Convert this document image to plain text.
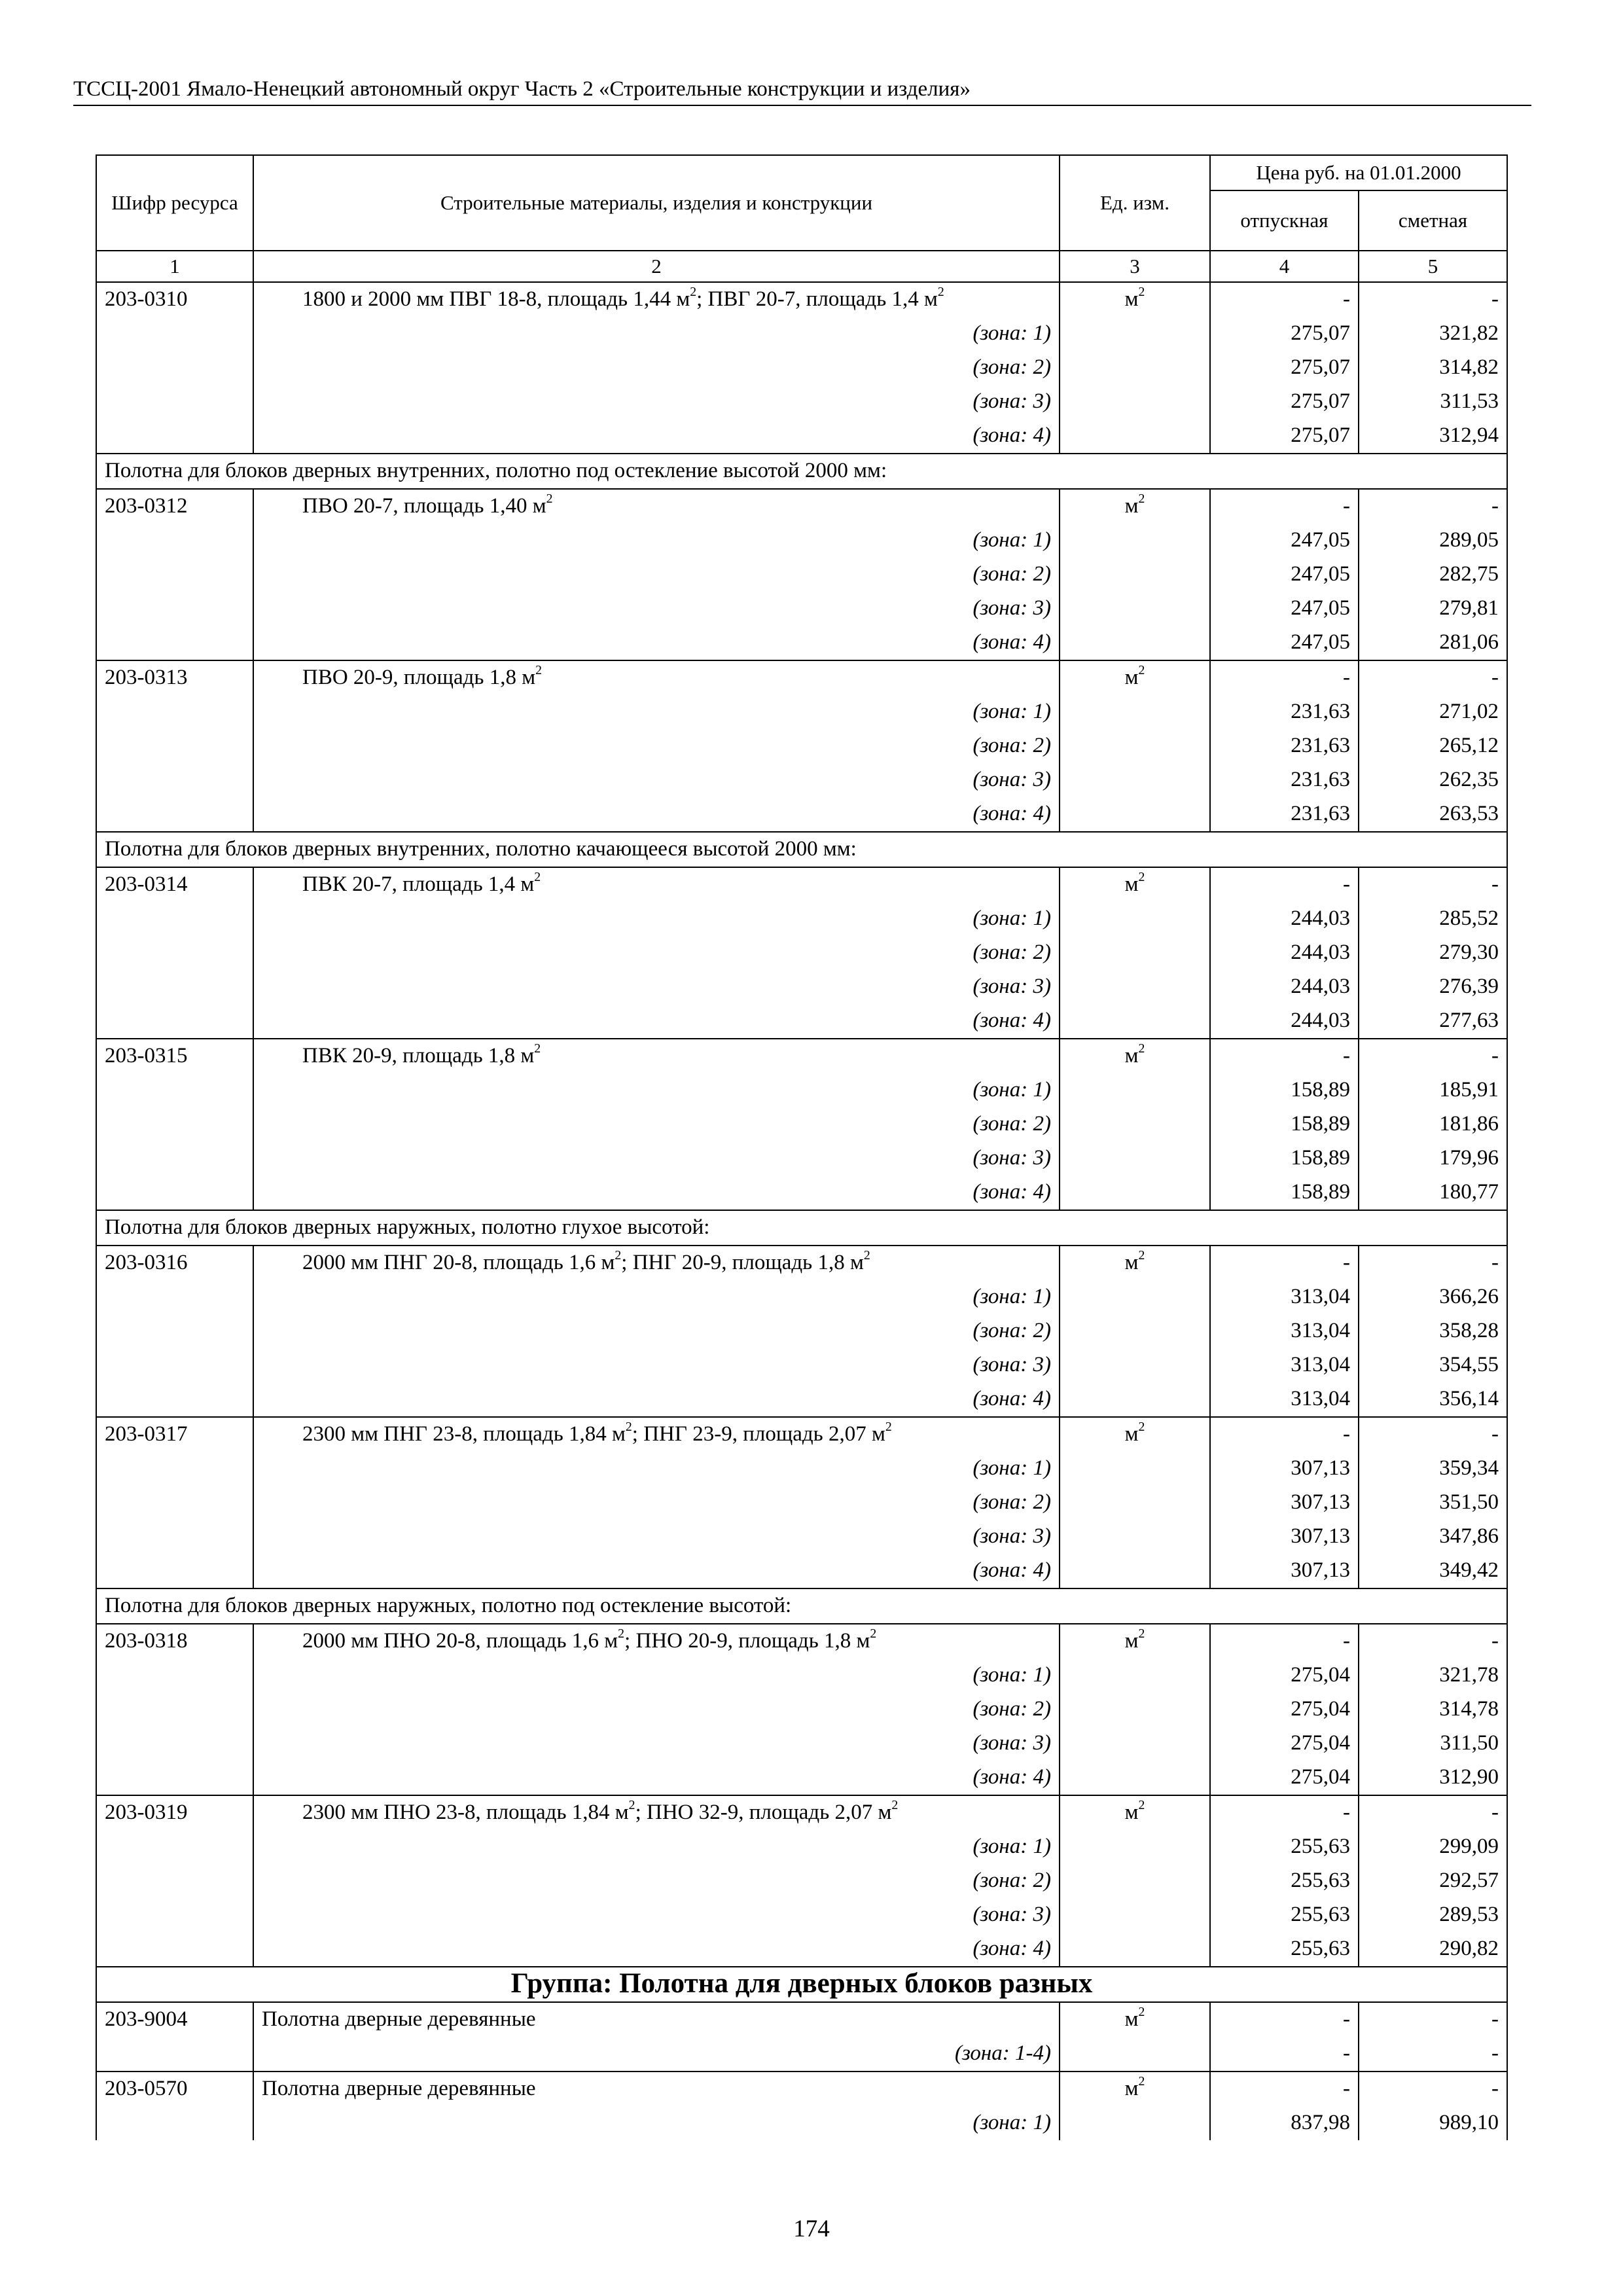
ТССЦ-2001 Ямало-Ненецкий автономный округ Часть 2 «Строительные конструкции и изделия»
Шифр ресурса	Строительные материалы, изделия и конструкции	Ед. изм.	Цена руб. на 01.01.2000	
			отпускная	сметная
1	2	3	4	5
203-0310	1800 и 2000 мм ПВГ 18-8, площадь 1,44 $м^2$; ПВГ 20-7, площадь 1,4 $м^2$	$м^2$	-	-
	(зона: 1)		275,07	321,82
	(зона: 2)		275,07	314,82
	(зона: 3)		275,07	311,53
	(зона: 4)		275,07	312,94
Полотна для блоков дверных внутренних, полотно под остекление высотой 2000 мм:				
203-0312	ПВО 20-7, площадь 1,40 $м^2$	$м^2$	-	-
	(зона: 1)		247,05	289,05
	(зона: 2)		247,05	282,75
	(зона: 3)		247,05	279,81
	(зона: 4)		247,05	281,06
203-0313	ПВО 20-9, площадь 1,8 $м^2$	$м^2$	-	-
	(зона: 1)		231,63	271,02
	(зона: 2)		231,63	265,12
	(зона: 3)		231,63	262,35
	(зона: 4)		231,63	263,53
Полотна для блоков дверных внутренних, полотно качающееся высотой 2000 мм:				
203-0314	ПВК 20-7, площадь 1,4 $м^2$	$м^2$	-	-
	(зона: 1)		244,03	285,52
	(зона: 2)		244,03	279,30
	(зона: 3)		244,03	276,39
	(зона: 4)		244,03	277,63
203-0315	ПВК 20-9, площадь 1,8 $м^2$	$м^2$	-	-
	(зона: 1)		158,89	185,91
	(зона: 2)		158,89	181,86
	(зона: 3)		158,89	179,96
	(зона: 4)		158,89	180,77
Полотна для блоков дверных наружных, полотно глухое высотой:				
203-0316	2000 мм ПНГ 20-8, площадь 1,6 $м^2$; ПНГ 20-9, площадь 1,8 $м^2$	$м^2$	-	-
	(зона: 1)		313,04	366,26
	(зона: 2)		313,04	358,28
	(зона: 3)		313,04	354,55
	(зона: 4)		313,04	356,14
203-0317	2300 мм ПНГ 23-8, площадь 1,84 $м^2$; ПНГ 23-9, площадь 2,07 $м^2$	$м^2$	-	-
	(зона: 1)		307,13	359,34
	(зона: 2)		307,13	351,50
	(зона: 3)		307,13	347,86
	(зона: 4)		307,13	349,42
Полотна для блоков дверных наружных, полотно под остекление высотой:				
203-0318	2000 мм ПНО 20-8, площадь 1,6 $м^2$; ПНО 20-9, площадь 1,8 $м^2$	$м^2$	-	-
	(зона: 1)		275,04	321,78
	(зона: 2)		275,04	314,78
	(зона: 3)		275,04	311,50
	(зона: 4)		275,04	312,90
203-0319	2300 мм ПНО 23-8, площадь 1,84 $м^2$; ПНО 32-9, площадь 2,07 $м^2$	$м^2$	-	-
	(зона: 1)		255,63	299,09
	(зона: 2)		255,63	292,57
	(зона: 3)		255,63	289,53
	(зона: 4)		255,63	290,82
Группа: Полотна для дверных блоков разных				
203-9004	Полотна дверные деревянные	$м^2$	-	-
	(зона: 1-4)		-	-
203-0570	Полотна дверные деревянные	$м^2$	-	-
	(зона: 1)		837,98	989,10
174
